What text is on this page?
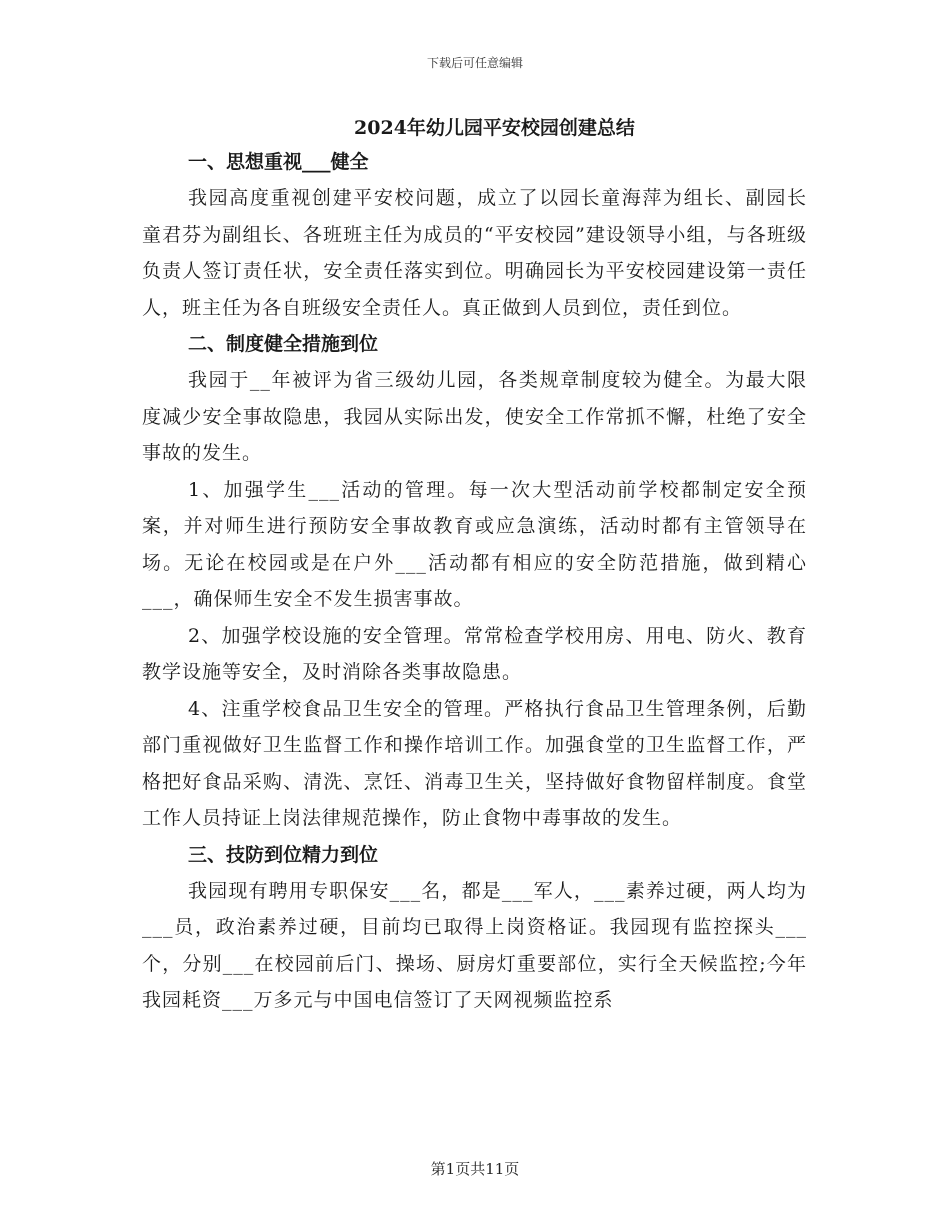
下载后可任意编辑
2024年幼儿园平安校园创建总结
一、思想重视___健全

我园高度重视创建平安校问题，成立了以园长童海萍为组长、副园长童君芬为副组长、各班班主任为成员的“平安校园”建设领导小组，与各班级负责人签订责任状，安全责任落实到位。明确园长为平安校园建设第一责任人，班主任为各自班级安全责任人。真正做到人员到位，责任到位。

二、制度健全措施到位

我园于__年被评为省三级幼儿园，各类规章制度较为健全。为最大限度减少安全事故隐患，我园从实际出发，使安全工作常抓不懈，杜绝了安全事故的发生。

1、加强学生___活动的管理。每一次大型活动前学校都制定安全预案，并对师生进行预防安全事故教育或应急演练，活动时都有主管领导在场。无论在校园或是在户外___活动都有相应的安全防范措施，做到精心___，确保师生安全不发生损害事故。

2、加强学校设施的安全管理。常常检查学校用房、用电、防火、教育教学设施等安全，及时消除各类事故隐患。

4、注重学校食品卫生安全的管理。严格执行食品卫生管理条例，后勤部门重视做好卫生监督工作和操作培训工作。加强食堂的卫生监督工作，严格把好食品采购、清洗、烹饪、消毒卫生关，坚持做好食物留样制度。食堂工作人员持证上岗法律规范操作，防止食物中毒事故的发生。

三、技防到位精力到位

我园现有聘用专职保安___名，都是___军人，___素养过硬，两人均为___员，政治素养过硬，目前均已取得上岗资格证。我园现有监控探头___个，分别___在校园前后门、操场、厨房灯重要部位，实行全天候监控;今年我园耗资___万多元与中国电信签订了天网视频监控系

第1页共11页
